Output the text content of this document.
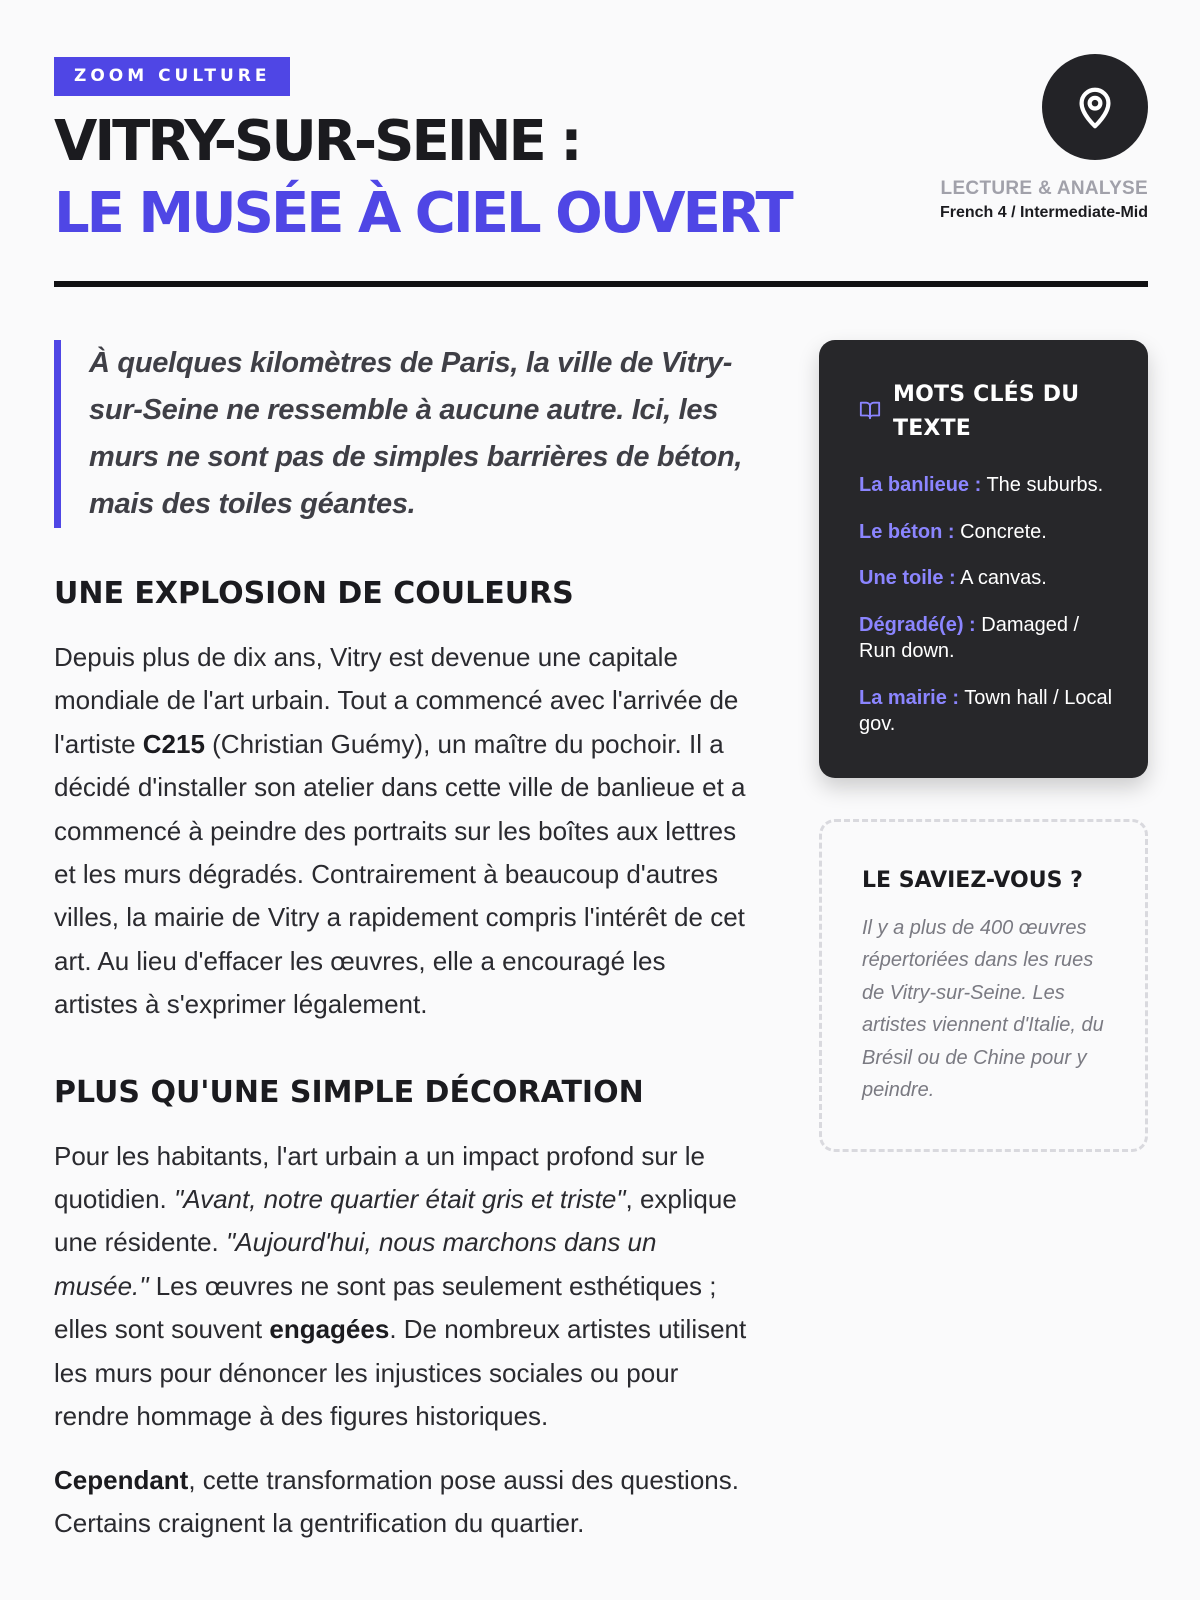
ZOOM CULTURE
VITRY-SUR-SEINE :
LE MUSÉE À CIEL OUVERT	LECTURE & ANALYSE
French 4 / Intermediate-Mid

À quelques kilomètres de Paris, la ville de Vitry-sur-Seine ne ressemble à aucune autre. Ici, les murs ne sont pas de simples barrières de béton, mais des toiles géantes.

UNE EXPLOSION DE COULEURS

Depuis plus de dix ans, Vitry est devenue une capitale mondiale de l'art urbain. Tout a commencé avec l'arrivée de l'artiste C215 (Christian Guémy), un maître du pochoir. Il a décidé d'installer son atelier dans cette ville de banlieue et a commencé à peindre des portraits sur les boîtes aux lettres et les murs dégradés. Contrairement à beaucoup d'autres villes, la mairie de Vitry a rapidement compris l'intérêt de cet art. Au lieu d'effacer les œuvres, elle a encouragé les artistes à s'exprimer légalement.

PLUS QU'UNE SIMPLE DÉCORATION

Pour les habitants, l'art urbain a un impact profond sur le quotidien. "Avant, notre quartier était gris et triste", explique une résidente. "Aujourd'hui, nous marchons dans un musée." Les œuvres ne sont pas seulement esthétiques ; elles sont souvent engagées. De nombreux artistes utilisent les murs pour dénoncer les injustices sociales ou pour rendre hommage à des figures historiques.

Cependant, cette transformation pose aussi des questions. Certains craignent la gentrification du quartier.

MOTS CLÉS DU TEXTE
La banlieue : The suburbs.
Le béton : Concrete.
Une toile : A canvas.
Dégradé(e) : Damaged / Run down.
La mairie : Town hall / Local gov.
LE SAVIEZ-VOUS ?

Il y a plus de 400 œuvres répertoriées dans les rues de Vitry-sur-Seine. Les artistes viennent d'Italie, du Brésil ou de Chine pour y peindre.
